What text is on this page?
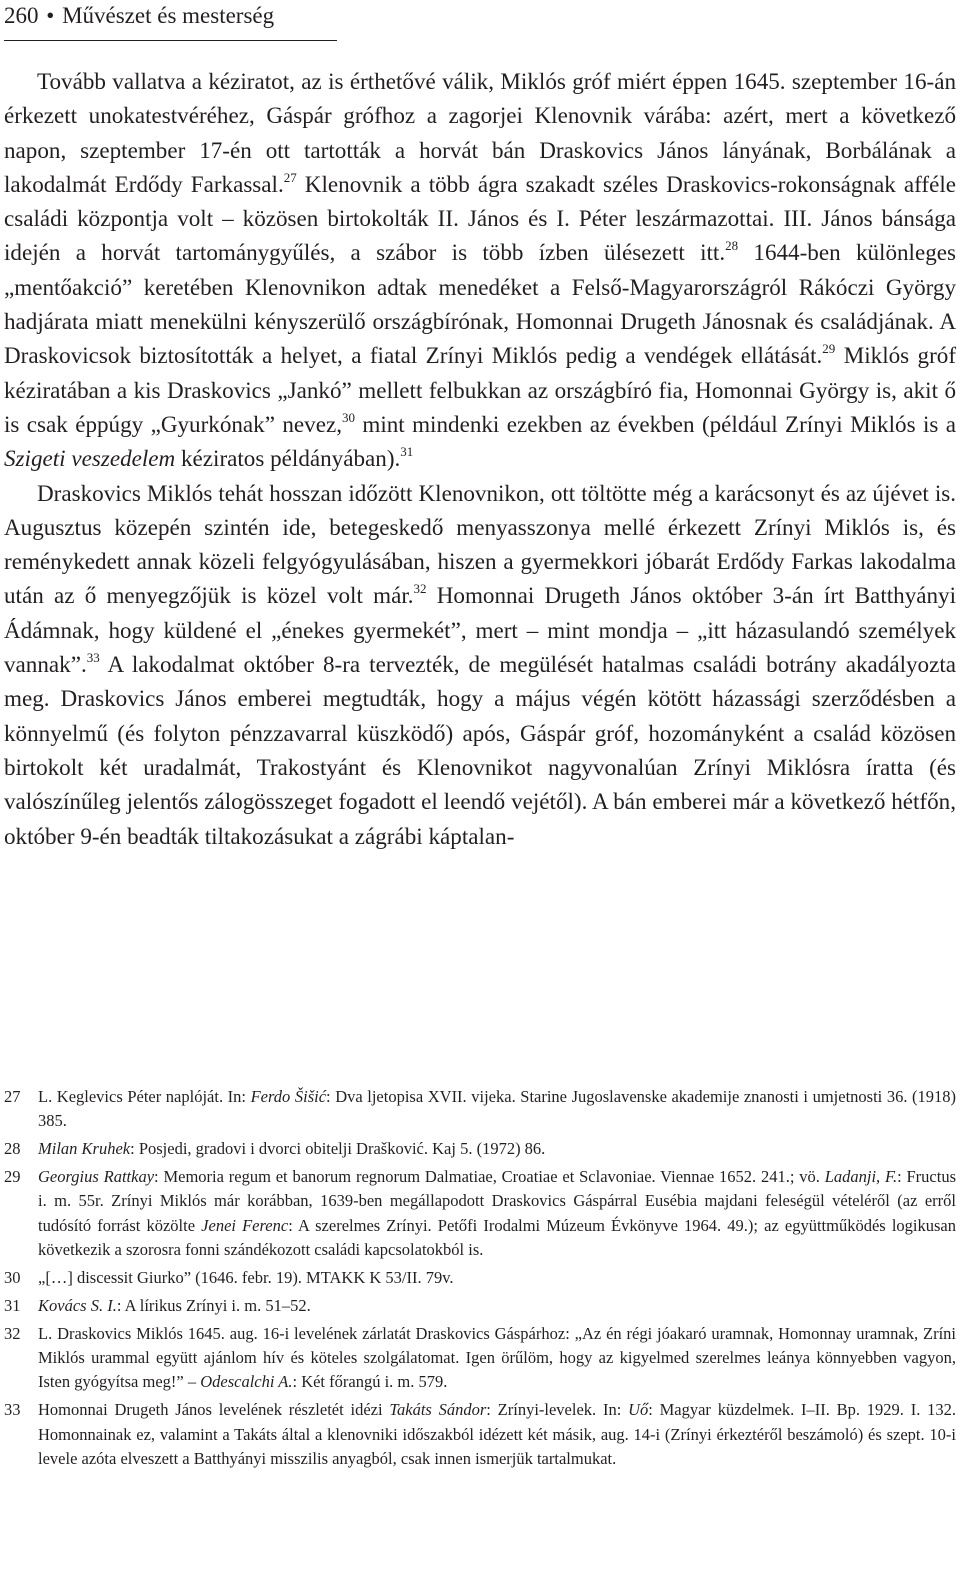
260 • Művészet és mesterség

Tovább vallatva a kéziratot, az is érthetővé válik, Miklós gróf miért éppen 1645. szeptember 16-án érkezett unokatestvéréhez, Gáspár grófhoz a zagorjei Klenovnik várába: azért, mert a következő napon, szeptember 17-én ott tartották a horvát bán Draskovics János lányának, Borbálának a lakodalmát Erdődy Farkassal.$^{27}$ Klenovnik a több ágra szakadt széles Draskovics-rokonságnak afféle családi központja volt – közösen birtokolták II. János és I. Péter leszármazottai. III. János bánsága idején a horvát tartománygyűlés, a szábor is több ízben ülésezett itt.$^{28}$ 1644-ben különleges „mentőakció” keretében Klenovnikon adtak menedéket a Felső-Magyarországról Rákóczi György hadjárata miatt menekülni kényszerülő országbírónak, Homonnai Drugeth Jánosnak és családjának. A Draskovicsok biztosították a helyet, a fiatal Zrínyi Miklós pedig a vendégek ellátását.$^{29}$ Miklós gróf kéziratában a kis Draskovics „Jankó” mellett felbukkan az országbíró fia, Homonnai György is, akit ő is csak éppúgy „Gyurkónak” nevez,$^{30}$ mint mindenki ezekben az években (például Zrínyi Miklós is a Szigeti veszedelem kéziratos példányában).$^{31}$

Draskovics Miklós tehát hosszan időzött Klenovnikon, ott töltötte még a karácsonyt és az újévet is. Augusztus közepén szintén ide, betegeskedő menyasszonya mellé érkezett Zrínyi Miklós is, és reménykedett annak közeli felgyógyulásában, hiszen a gyermekkori jóbarát Erdődy Farkas lakodalma után az ő menyegzőjük is közel volt már.$^{32}$ Homonnai Drugeth János október 3-án írt Batthyányi Ádámnak, hogy küldené el „énekes gyermekét”, mert – mint mondja – „itt házasulandó személyek vannak”.$^{33}$ A lakodalmat október 8-ra tervezték, de megülését hatalmas családi botrány akadályozta meg. Draskovics János emberei megtudták, hogy a május végén kötött házassági szerződésben a könnyelmű (és folyton pénzzavarral küszködő) após, Gáspár gróf, hozományként a család közösen birtokolt két uradalmát, Trakostyánt és Klenovnikot nagyvonalúan Zrínyi Miklósra íratta (és valószínűleg jelentős zálogösszeget fogadott el leendő vejétől). A bán emberei már a következő hétfőn, október 9-én beadták tiltakozásukat a zágrábi káptalan-

27 L. Keglevics Péter naplóját. In: Ferdo Šišić: Dva ljetopisa XVII. vijeka. Starine Jugoslavenske akademije znanosti i umjetnosti 36. (1918) 385.
28 Milan Kruhek: Posjedi, gradovi i dvorci obitelji Drašković. Kaj 5. (1972) 86.
29 Georgius Rattkay: Memoria regum et banorum regnorum Dalmatiae, Croatiae et Sclavoniae. Viennae 1652. 241.; vö. Ladanji, F.: Fructus i. m. 55r. Zrínyi Miklós már korábban, 1639-ben megállapodott Draskovics Gáspárral Eusébia majdani feleségül vételéről (az erről tudósító forrást közölte Jenei Ferenc: A szerelmes Zrínyi. Petőfi Irodalmi Múzeum Évkönyve 1964. 49.); az együttműködés logikusan következik a szorosra fonni szándékozott családi kapcsolatokból is.
30 „[…] discessit Giurko” (1646. febr. 19). MTAKK K 53/II. 79v.
31 Kovács S. I.: A lírikus Zrínyi i. m. 51–52.
32 L. Draskovics Miklós 1645. aug. 16-i levelének zárlatát Draskovics Gáspárhoz: „Az én régi jóakaró uramnak, Homonnay uramnak, Zríni Miklós urammal együtt ajánlom hív és köteles szolgálatomat. Igen örűlöm, hogy az kigyelmed szerelmes leánya könnyebben vagyon, Isten gyógyítsa meg!” – Odescalchi A.: Két főrangú i. m. 579.
33 Homonnai Drugeth János levelének részletét idézi Takáts Sándor: Zrínyi-levelek. In: Uő: Magyar küzdelmek. I–II. Bp. 1929. I. 132. Homonnainak ez, valamint a Takáts által a klenovniki időszakból idézett két másik, aug. 14-i (Zrínyi érkeztéről beszámoló) és szept. 10-i levele azóta elveszett a Batthyányi misszilis anyagból, csak innen ismerjük tartalmukat.
